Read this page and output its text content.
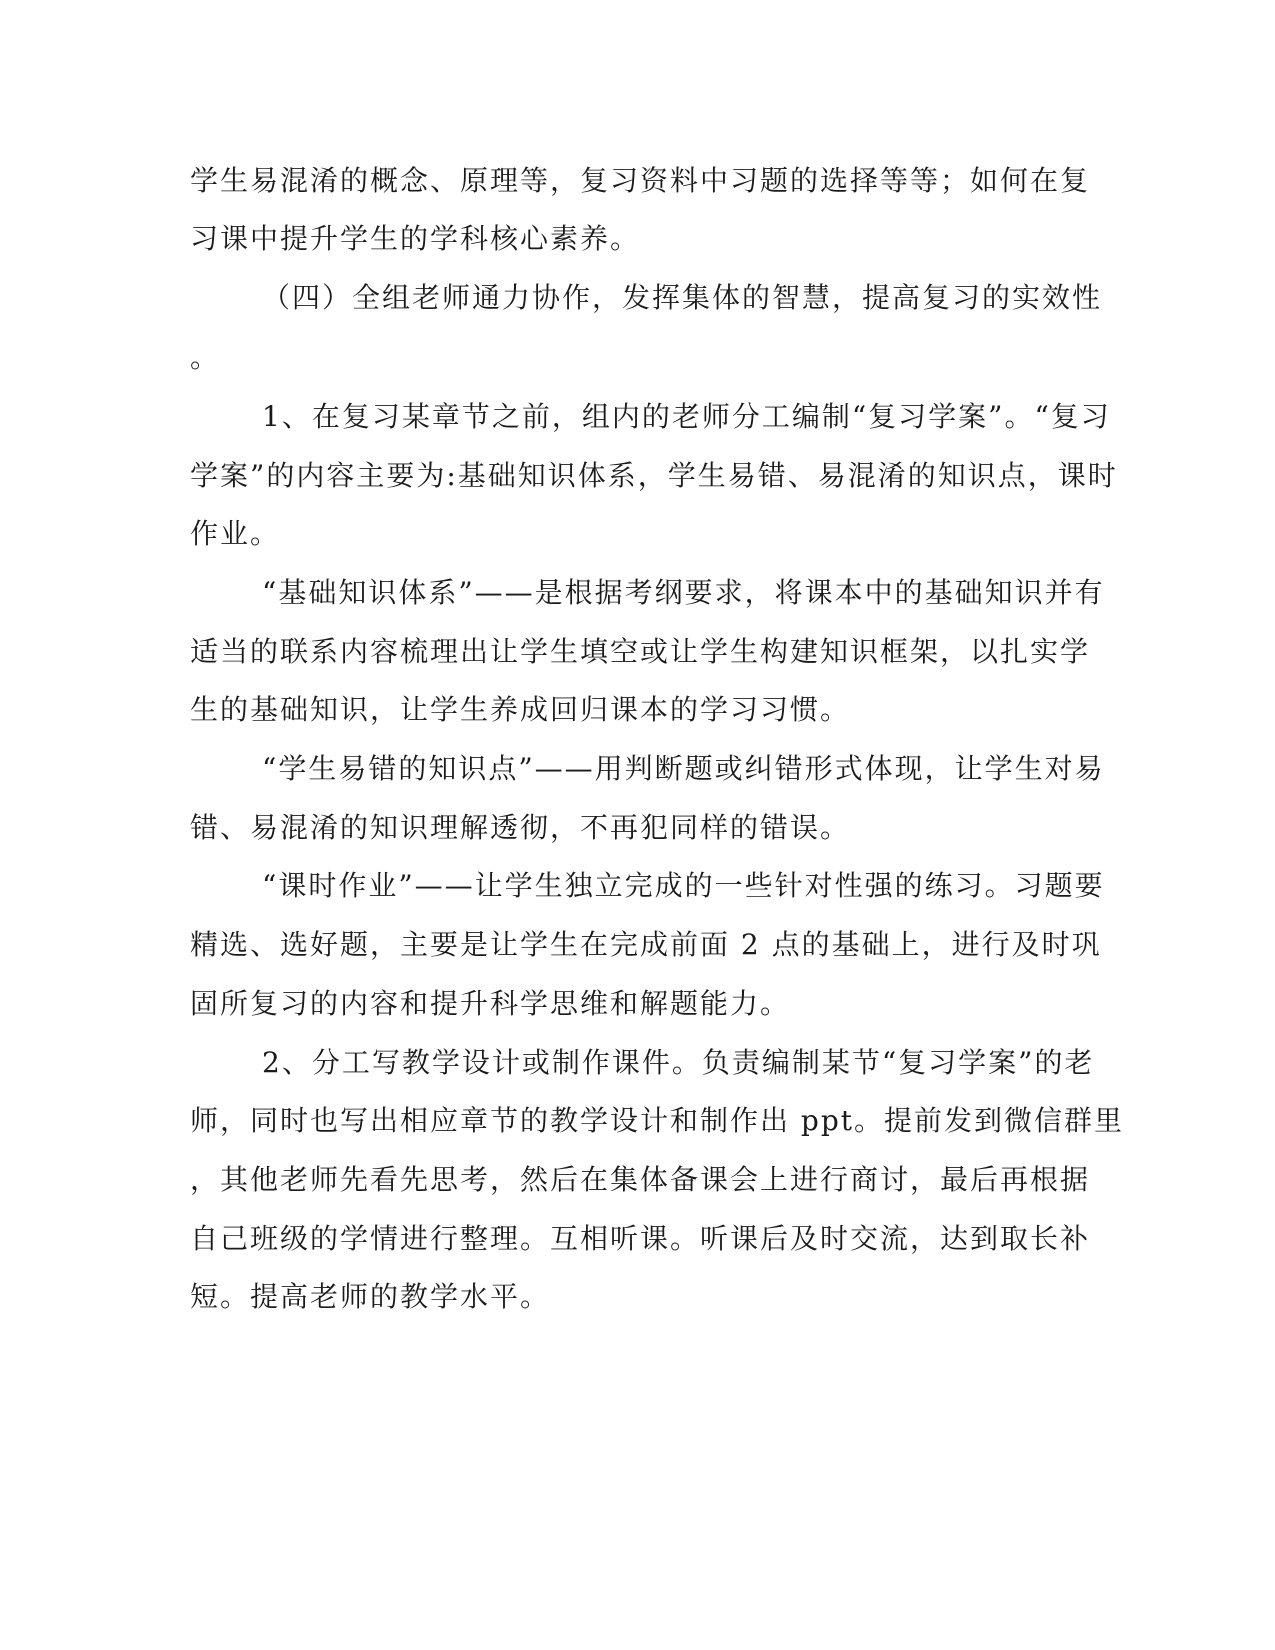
学生易混淆的概念、原理等，复习资料中习题的选择等等；如何在复
习课中提升学生的学科核心素养。
（四）全组老师通力协作，发挥集体的智慧，提高复习的实效性
。
1、在复习某章节之前，组内的老师分工编制“复习学案”。“复习
学案”的内容主要为:基础知识体系，学生易错、易混淆的知识点，课时
作业。
“基础知识体系”——是根据考纲要求，将课本中的基础知识并有
适当的联系内容梳理出让学生填空或让学生构建知识框架，以扎实学
生的基础知识，让学生养成回归课本的学习习惯。
“学生易错的知识点”——用判断题或纠错形式体现，让学生对易
错、易混淆的知识理解透彻，不再犯同样的错误。
“课时作业”——让学生独立完成的一些针对性强的练习。习题要
精选、选好题，主要是让学生在完成前面 2 点的基础上，进行及时巩
固所复习的内容和提升科学思维和解题能力。
2、分工写教学设计或制作课件。负责编制某节“复习学案”的老
师，同时也写出相应章节的教学设计和制作出 ppt。提前发到微信群里
，其他老师先看先思考，然后在集体备课会上进行商讨，最后再根据
自己班级的学情进行整理。互相听课。听课后及时交流，达到取长补
短。提高老师的教学水平。
